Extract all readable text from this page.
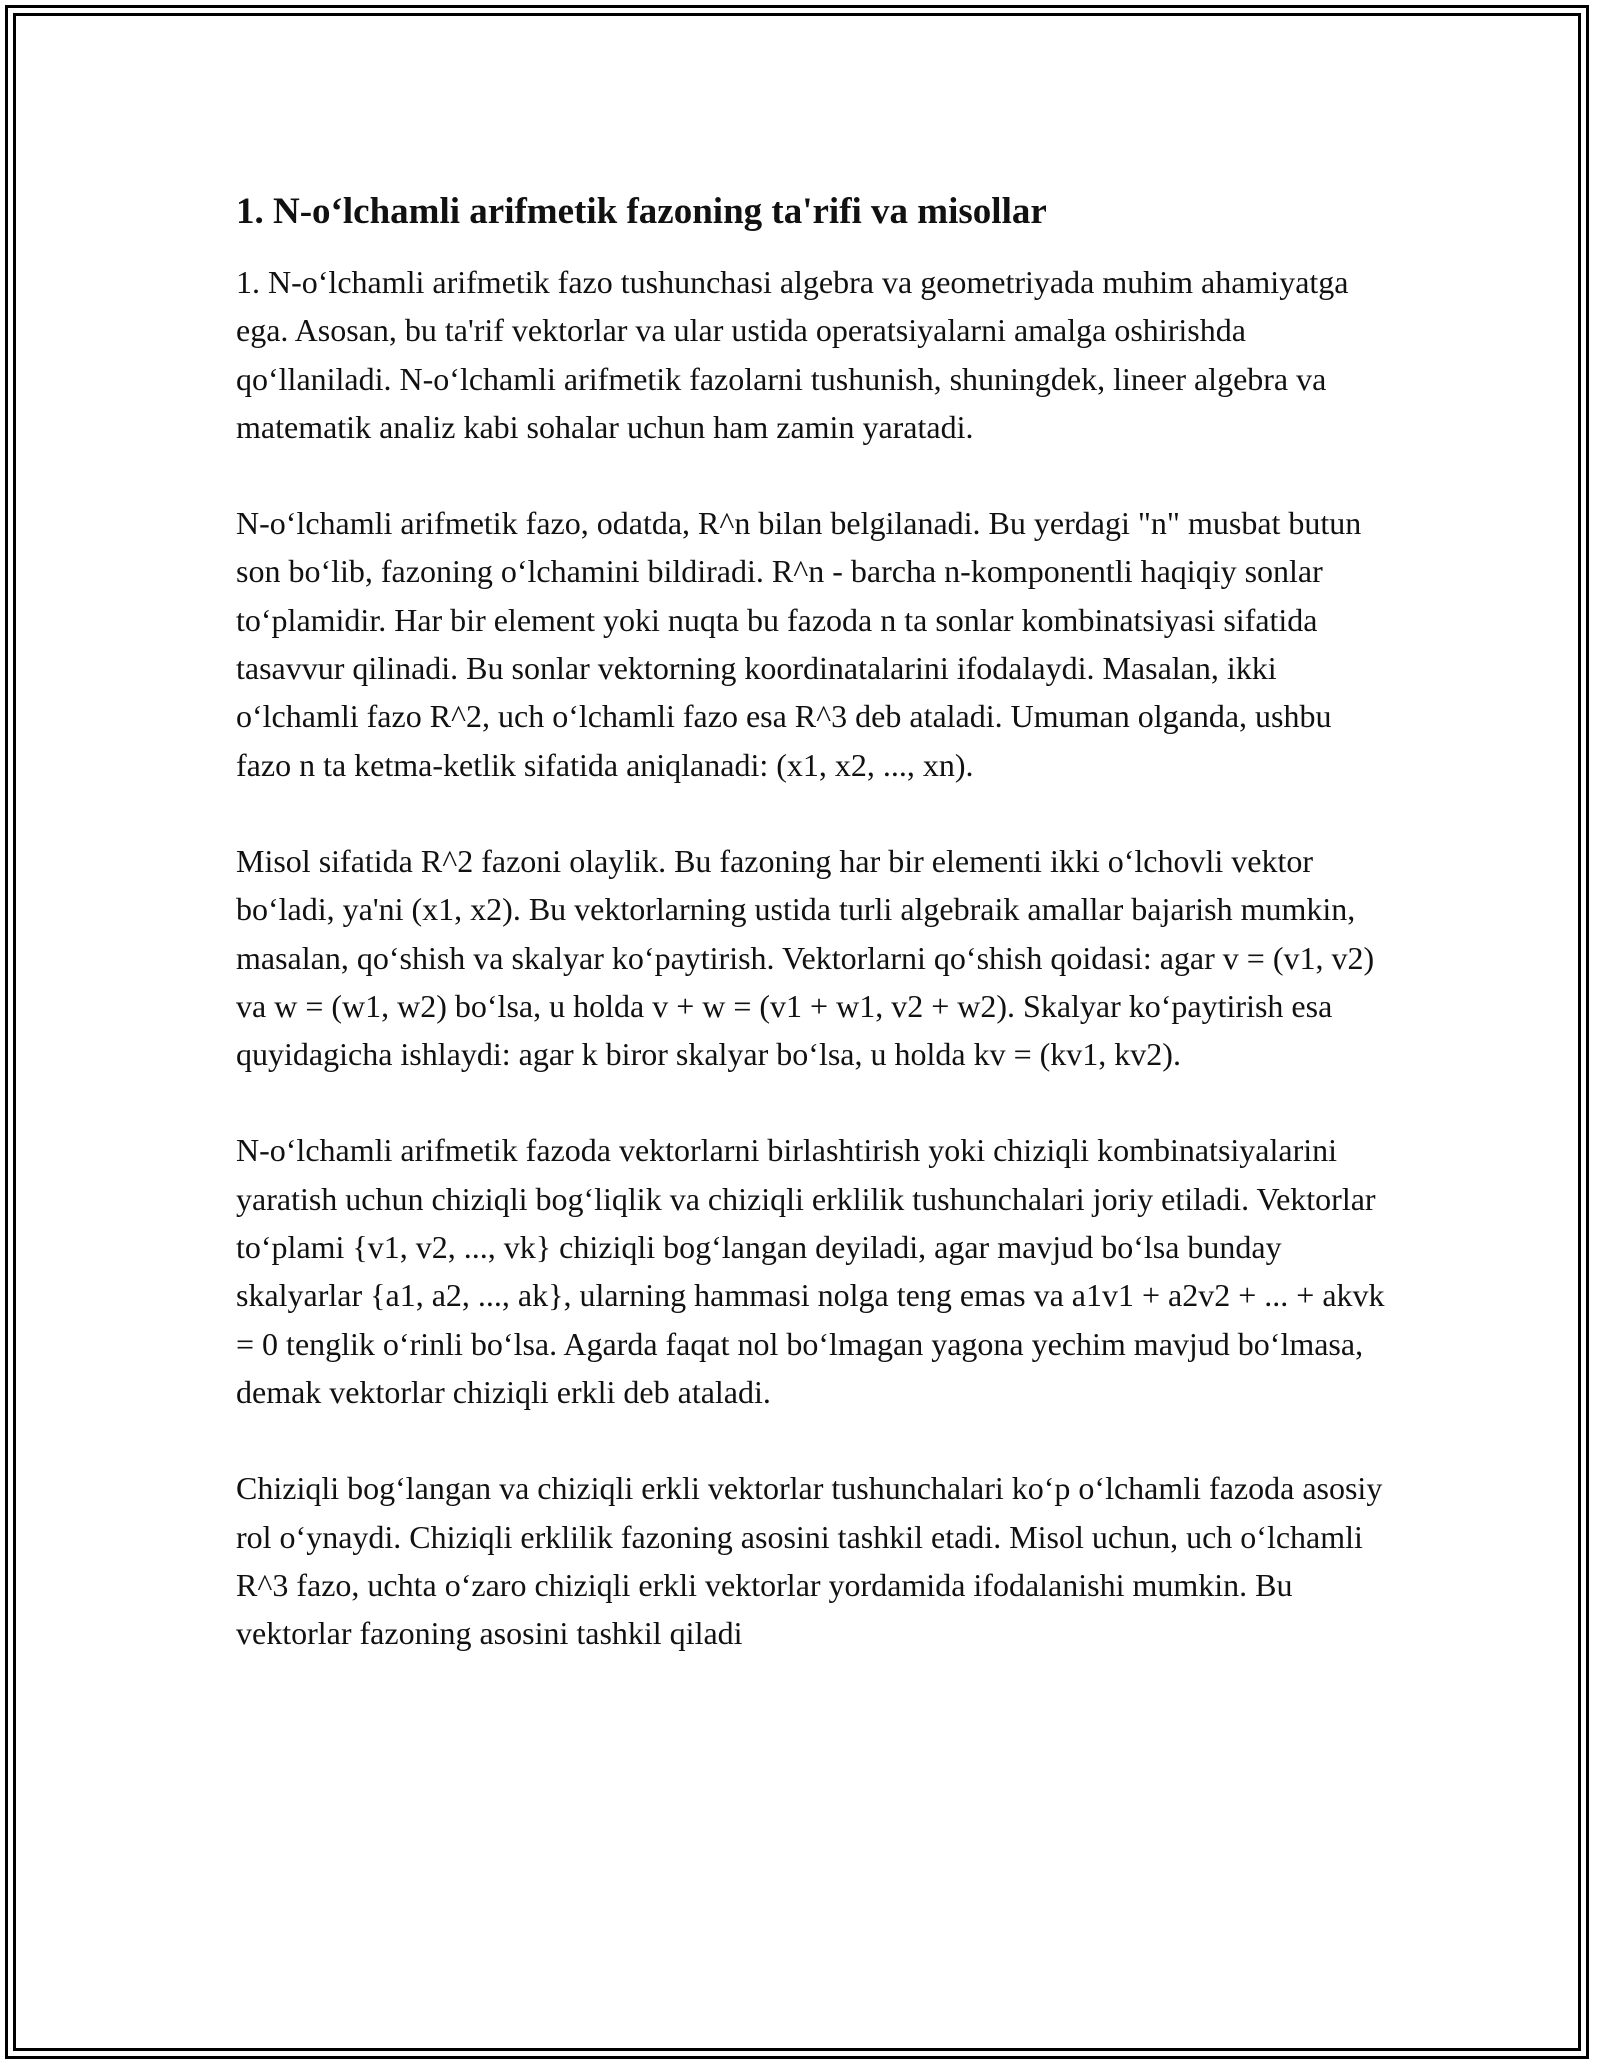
1. N-o‘lchamli arifmetik fazoning ta'rifi va misollar

1. N-o‘lchamli arifmetik fazo tushunchasi algebra va geometriyada muhim ahamiyatga ega. Asosan, bu ta'rif vektorlar va ular ustida operatsiyalarni amalga oshirishda qo‘llaniladi. N-o‘lchamli arifmetik fazolarni tushunish, shuningdek, lineer algebra va matematik analiz kabi sohalar uchun ham zamin yaratadi.

N-o‘lchamli arifmetik fazo, odatda, R^n bilan belgilanadi. Bu yerdagi "n" musbat butun son bo‘lib, fazoning o‘lchamini bildiradi. R^n - barcha n-komponentli haqiqiy sonlar to‘plamidir. Har bir element yoki nuqta bu fazoda n ta sonlar kombinatsiyasi sifatida tasavvur qilinadi. Bu sonlar vektorning koordinatalarini ifodalaydi. Masalan, ikki o‘lchamli fazo R^2, uch o‘lchamli fazo esa R^3 deb ataladi. Umuman olganda, ushbu fazo n ta ketma-ketlik sifatida aniqlanadi: (x1, x2, ..., xn).

Misol sifatida R^2 fazoni olaylik. Bu fazoning har bir elementi ikki o‘lchovli vektor bo‘ladi, ya'ni (x1, x2). Bu vektorlarning ustida turli algebraik amallar bajarish mumkin, masalan, qo‘shish va skalyar ko‘paytirish. Vektorlarni qo‘shish qoidasi: agar v = (v1, v2) va w = (w1, w2) bo‘lsa, u holda v + w = (v1 + w1, v2 + w2). Skalyar ko‘paytirish esa quyidagicha ishlaydi: agar k biror skalyar bo‘lsa, u holda kv = (kv1, kv2).

N-o‘lchamli arifmetik fazoda vektorlarni birlashtirish yoki chiziqli kombinatsiyalarini yaratish uchun chiziqli bog‘liqlik va chiziqli erklilik tushunchalari joriy etiladi. Vektorlar to‘plami {v1, v2, ..., vk} chiziqli bog‘langan deyiladi, agar mavjud bo‘lsa bunday skalyarlar {a1, a2, ..., ak}, ularning hammasi nolga teng emas va a1v1 + a2v2 + ... + akvk = 0 tenglik o‘rinli bo‘lsa. Agarda faqat nol bo‘lmagan yagona yechim mavjud bo‘lmasa, demak vektorlar chiziqli erkli deb ataladi.

Chiziqli bog‘langan va chiziqli erkli vektorlar tushunchalari ko‘p o‘lchamli fazoda asosiy rol o‘ynaydi. Chiziqli erklilik fazoning asosini tashkil etadi. Misol uchun, uch o‘lchamli R^3 fazo, uchta o‘zaro chiziqli erkli vektorlar yordamida ifodalanishi mumkin. Bu vektorlar fazoning asosini tashkil qiladi
